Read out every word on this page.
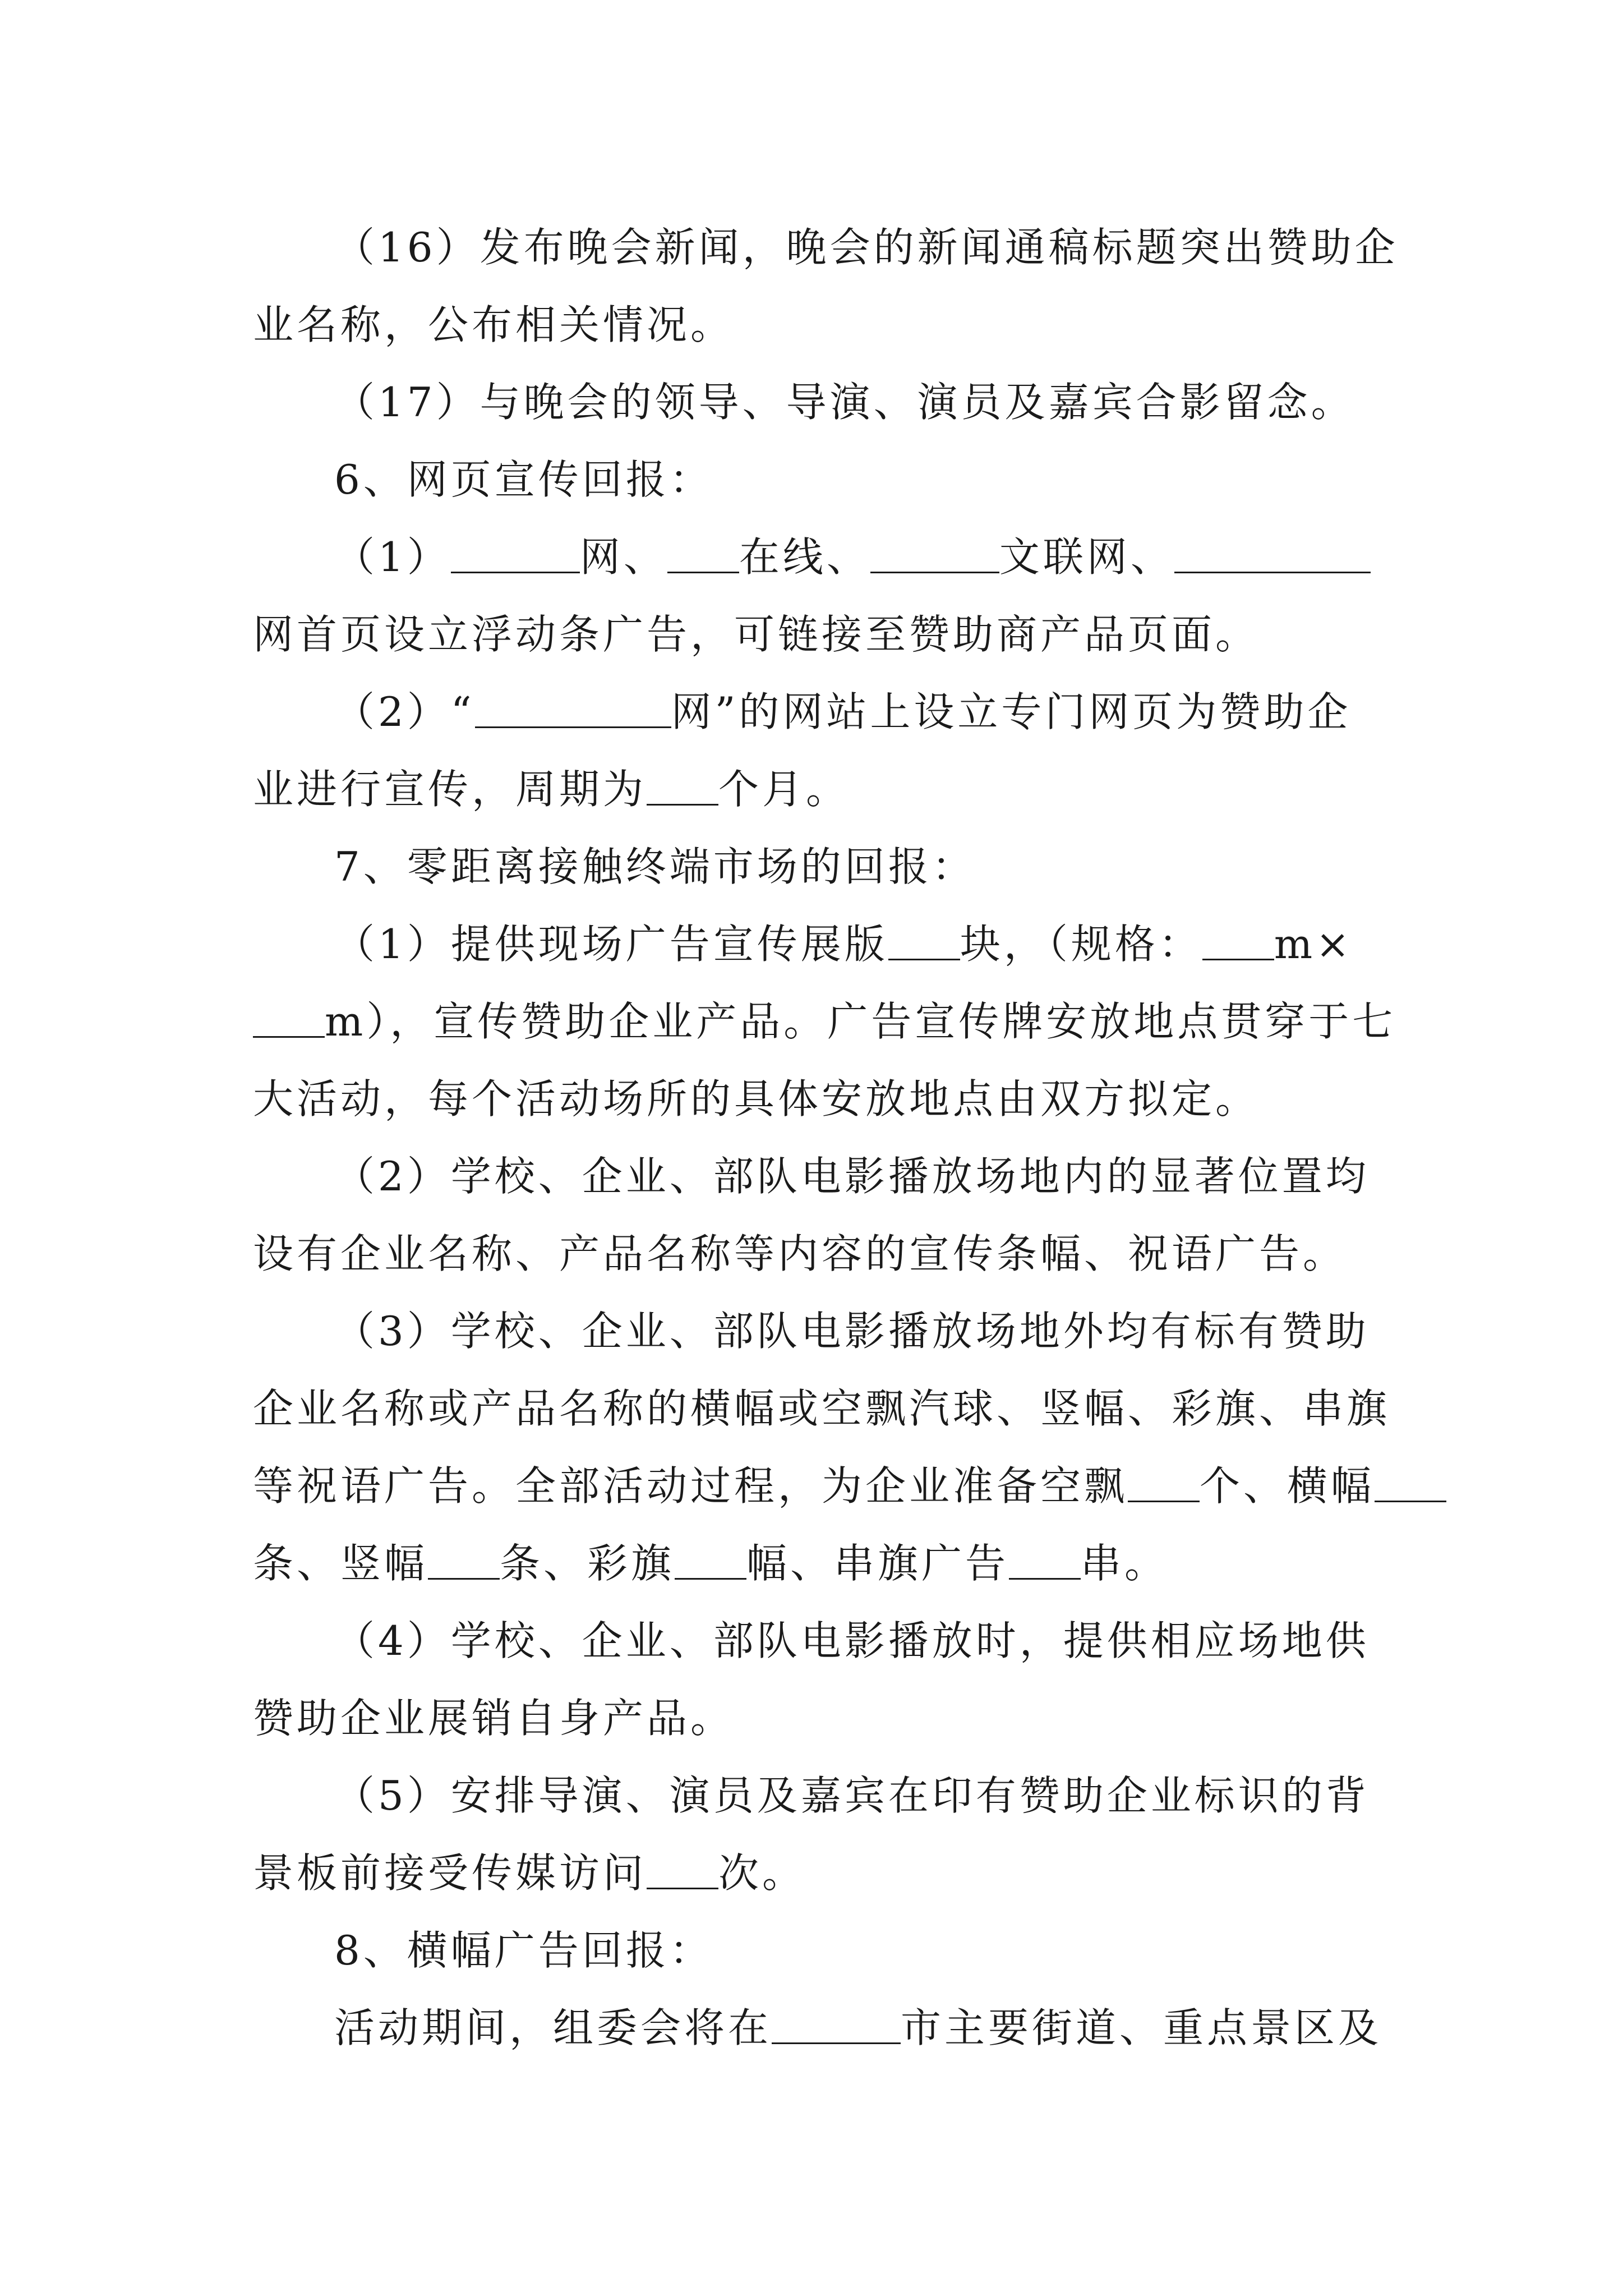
（16）发布晚会新闻，晚会的新闻通稿标题突出赞助企
业名称，公布相关情况。
（17）与晚会的领导、导演、演员及嘉宾合影留念。
6、网页宣传回报：
（1）	网、 在线、	文联网、
网首页设立浮动条广告，可链接至赞助商产品页面。
（2）“	网”的网站上设立专门网页为赞助企
业进行宣传，周期为 个月。
7、零距离接触终端市场的回报：
（1）提供现场广告宣传展版 块，（规格： m×
m），宣传赞助企业产品。广告宣传牌安放地点贯穿于七
大活动，每个活动场所的具体安放地点由双方拟定。
（2）学校、企业、部队电影播放场地内的显著位置均
设有企业名称、产品名称等内容的宣传条幅、祝语广告。
（3）学校、企业、部队电影播放场地外均有标有赞助
企业名称或产品名称的横幅或空飘汽球、竖幅、彩旗、串旗
等祝语广告。全部活动过程，为企业准备空飘 个、横幅
条、竖幅 条、彩旗 幅、串旗广告 串。
（4）学校、企业、部队电影播放时，提供相应场地供
赞助企业展销自身产品。
（5）安排导演、演员及嘉宾在印有赞助企业标识的背
景板前接受传媒访问 次。
8、横幅广告回报：
活动期间，组委会将在	市主要街道、重点景区及
